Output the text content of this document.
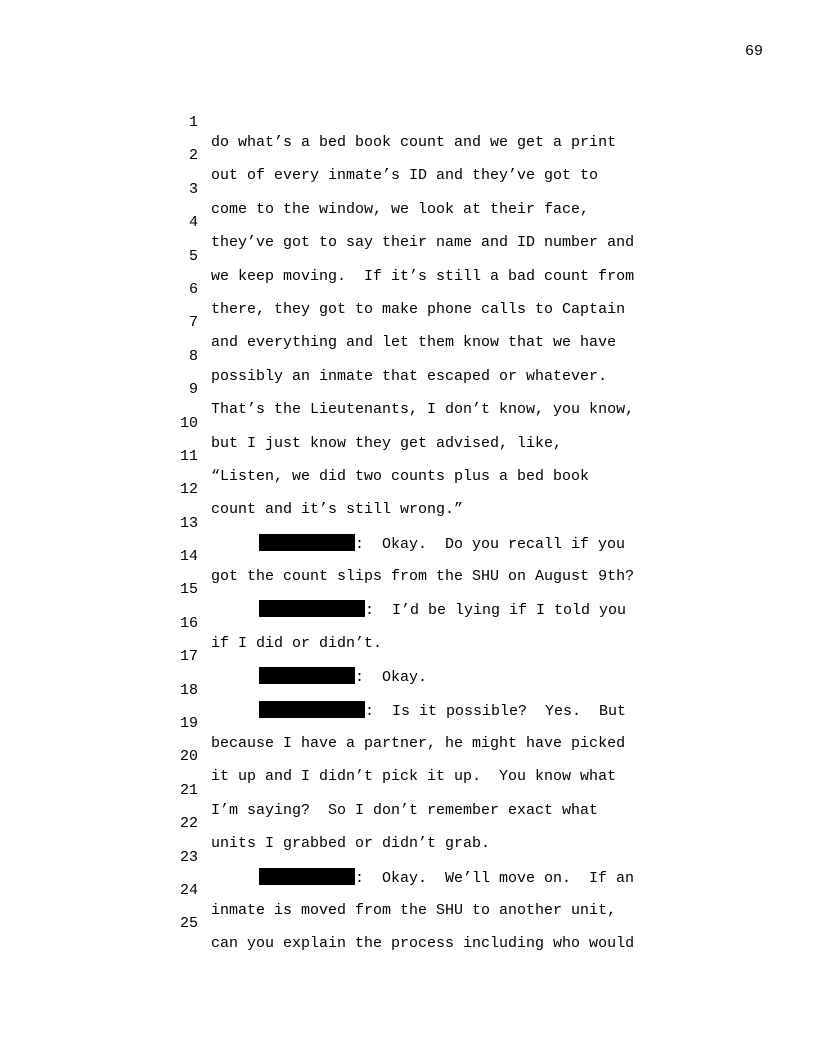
69

1

do what’s a bed book count and we get a print

2

out of every inmate’s ID and they’ve got to

3

come to the window, we look at their face,

4

they’ve got to say their name and ID number and

5

we keep moving.  If it’s still a bad count from

6

there, they got to make phone calls to Captain

7

and everything and let them know that we have

8

possibly an inmate that escaped or whatever.

9

That’s the Lieutenants, I don’t know, you know,

10

but I just know they get advised, like,

11

“Listen, we did two counts plus a bed book

12

count and it’s still wrong.”

13

:  Okay.  Do you recall if you

14

got the count slips from the SHU on August 9th?

15

:  I’d be lying if I told you

16

if I did or didn’t.

17

:  Okay.

18

:  Is it possible?  Yes.  But

19

because I have a partner, he might have picked

20

it up and I didn’t pick it up.  You know what

21

I’m saying?  So I don’t remember exact what

22

units I grabbed or didn’t grab.

23

:  Okay.  We’ll move on.  If an

24

inmate is moved from the SHU to another unit,

25

can you explain the process including who would
